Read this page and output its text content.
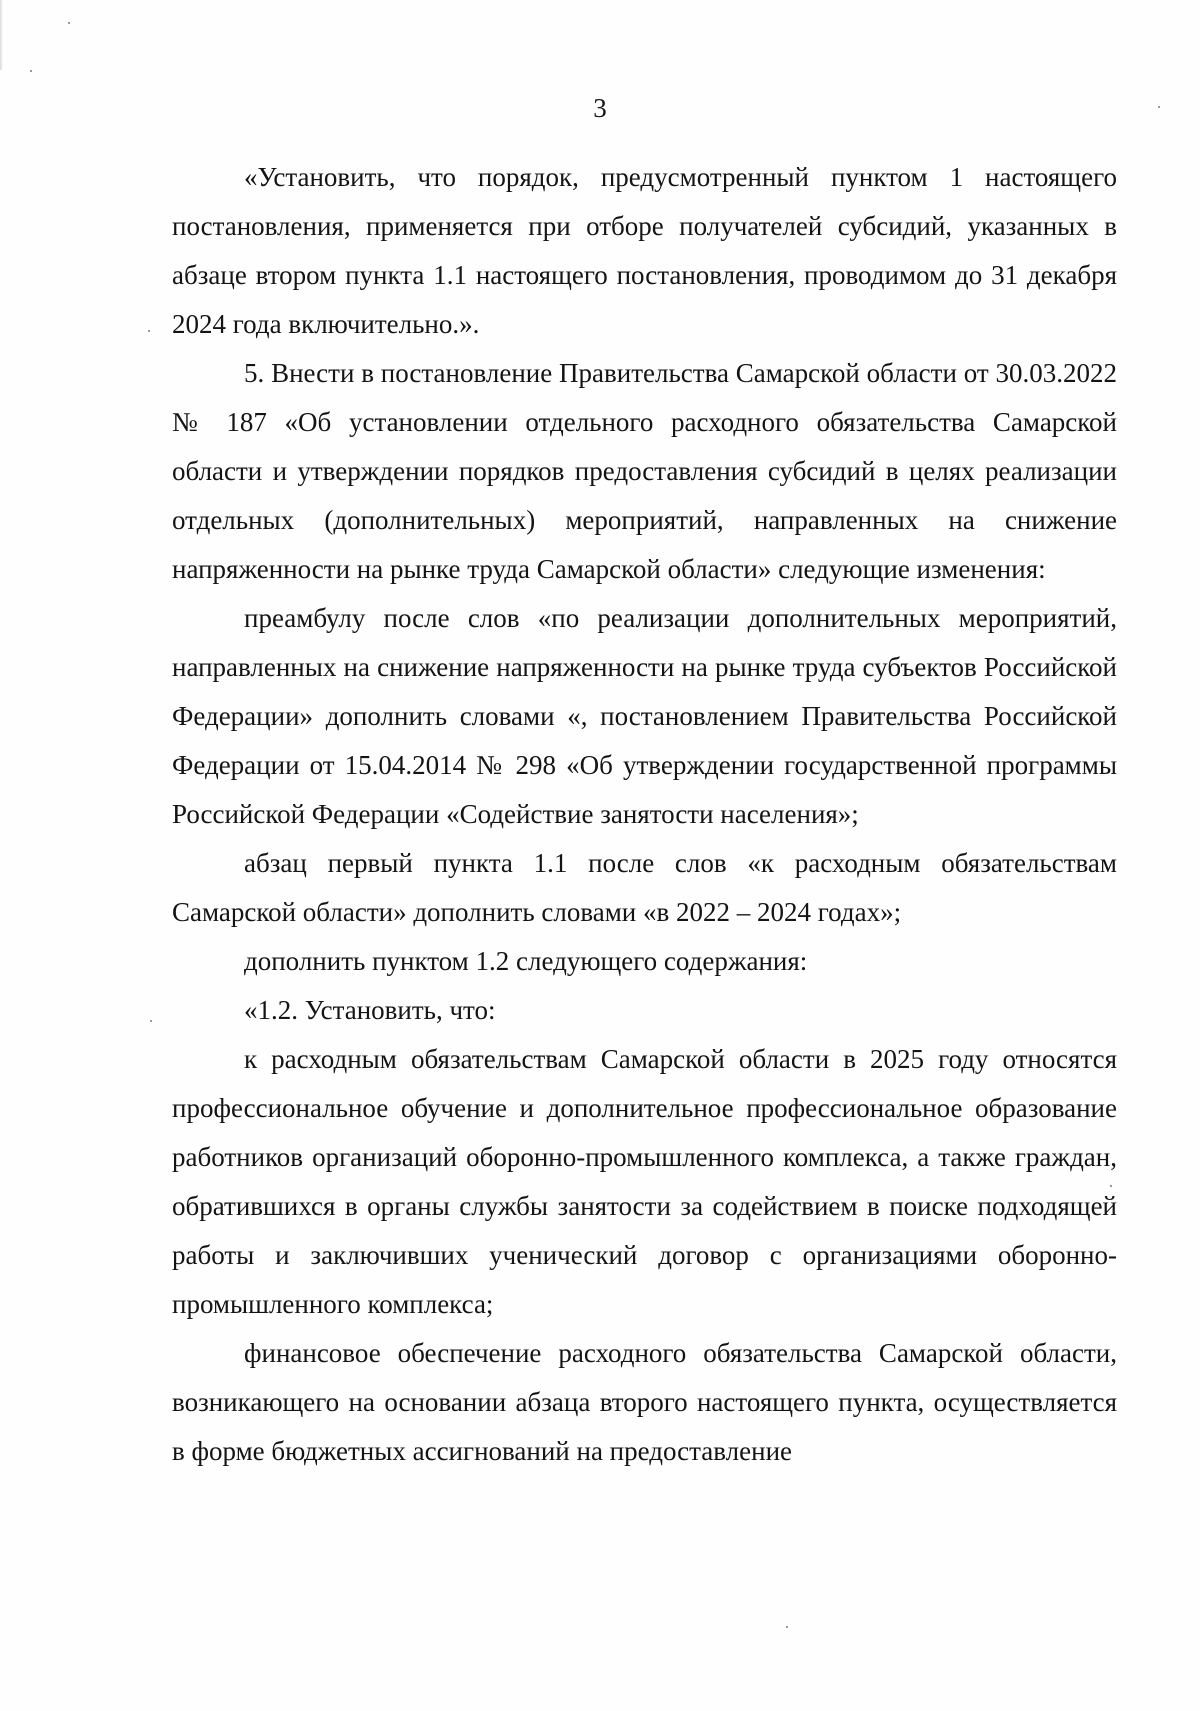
3

«Установить, что порядок, предусмотренный пунктом 1 настоящего постановления, применяется при отборе получателей субсидий, указанных в абзаце втором пункта 1.1 настоящего постановления, проводимом до 31 декабря 2024 года включительно.».

5. Внести в постановление Правительства Самарской области от 30.03.2022 № 187 «Об установлении отдельного расходного обязательства Самарской области и утверждении порядков предоставления субсидий в целях реализации отдельных (дополнительных) мероприятий, направленных на снижение напряженности на рынке труда Самарской области» следующие изменения:

преамбулу после слов «по реализации дополнительных мероприятий, направленных на снижение напряженности на рынке труда субъектов Российской Федерации» дополнить словами «, постановлением Правительства Российской Федерации от 15.04.2014 № 298 «Об утверждении государственной программы Российской Федерации «Содействие занятости населения»;

абзац первый пункта 1.1 после слов «к расходным обязательствам Самарской области» дополнить словами «в 2022 – 2024 годах»;

дополнить пунктом 1.2 следующего содержания:

«1.2. Установить, что:

к расходным обязательствам Самарской области в 2025 году относятся профессиональное обучение и дополнительное профессиональное образование работников организаций оборонно-промышленного комплекса, а также граждан, обратившихся в органы службы занятости за содействием в поиске подходящей работы и заключивших ученический договор с организациями оборонно-промышленного комплекса;

финансовое обеспечение расходного обязательства Самарской области, возникающего на основании абзаца второго настоящего пункта, осуществляется в форме бюджетных ассигнований на предоставление
